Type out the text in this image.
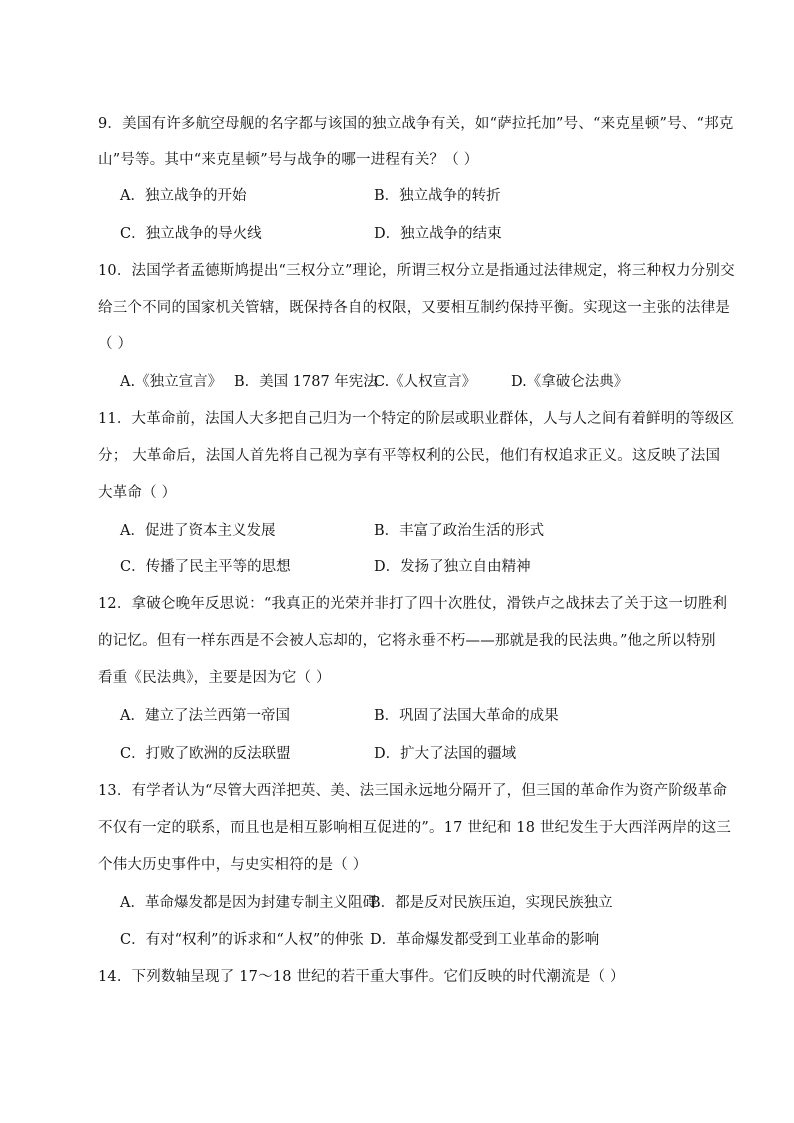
9．美国有许多航空母舰的名字都与该国的独立战争有关，如“萨拉托加”号、“来克星顿”号、“邦克
山”号等。其中“来克星顿”号与战争的哪一进程有关？（ ）
A．独立战争的开始	B．独立战争的转折
C．独立战争的导火线	D．独立战争的结束
10．法国学者孟德斯鸠提出“三权分立”理论，所谓三权分立是指通过法律规定，将三种权力分别交
给三个不同的国家机关管辖，既保持各自的权限，又要相互制约保持平衡。实现这一主张的法律是
（ ）
A.《独立宣言》 B．美国 1787 年宪法
C.《人权宣言》 D.《拿破仑法典》
11．大革命前，法国人大多把自己归为一个特定的阶层或职业群体，人与人之间有着鲜明的等级区
分； 大革命后，法国人首先将自己视为享有平等权利的公民，他们有权追求正义。这反映了法国
大革命（ ）
A．促进了资本主义发展	B．丰富了政治生活的形式
C．传播了民主平等的思想	D．发扬了独立自由精神
12．拿破仑晚年反思说：“我真正的光荣并非打了四十次胜仗，滑铁卢之战抹去了关于这一切胜利
的记忆。但有一样东西是不会被人忘却的，它将永垂不朽——那就是我的民法典。”他之所以特别
看重《民法典》，主要是因为它（ ）
A．建立了法兰西第一帝国	B．巩固了法国大革命的成果
C．打败了欧洲的反法联盟	D．扩大了法国的疆域
13．有学者认为“尽管大西洋把英、美、法三国永远地分隔开了，但三国的革命作为资产阶级革命
不仅有一定的联系，而且也是相互影响相互促进的”。17 世纪和 18 世纪发生于大西洋两岸的这三
个伟大历史事件中，与史实相符的是（ ）
A．革命爆发都是因为封建专制主义阻碍
B．都是反对民族压迫，实现民族独立
C．有对“权利”的诉求和“人权”的伸张 D．革命爆发都受到工业革命的影响
14．下列数轴呈现了 17～18 世纪的若干重大事件。它们反映的时代潮流是（ ）
